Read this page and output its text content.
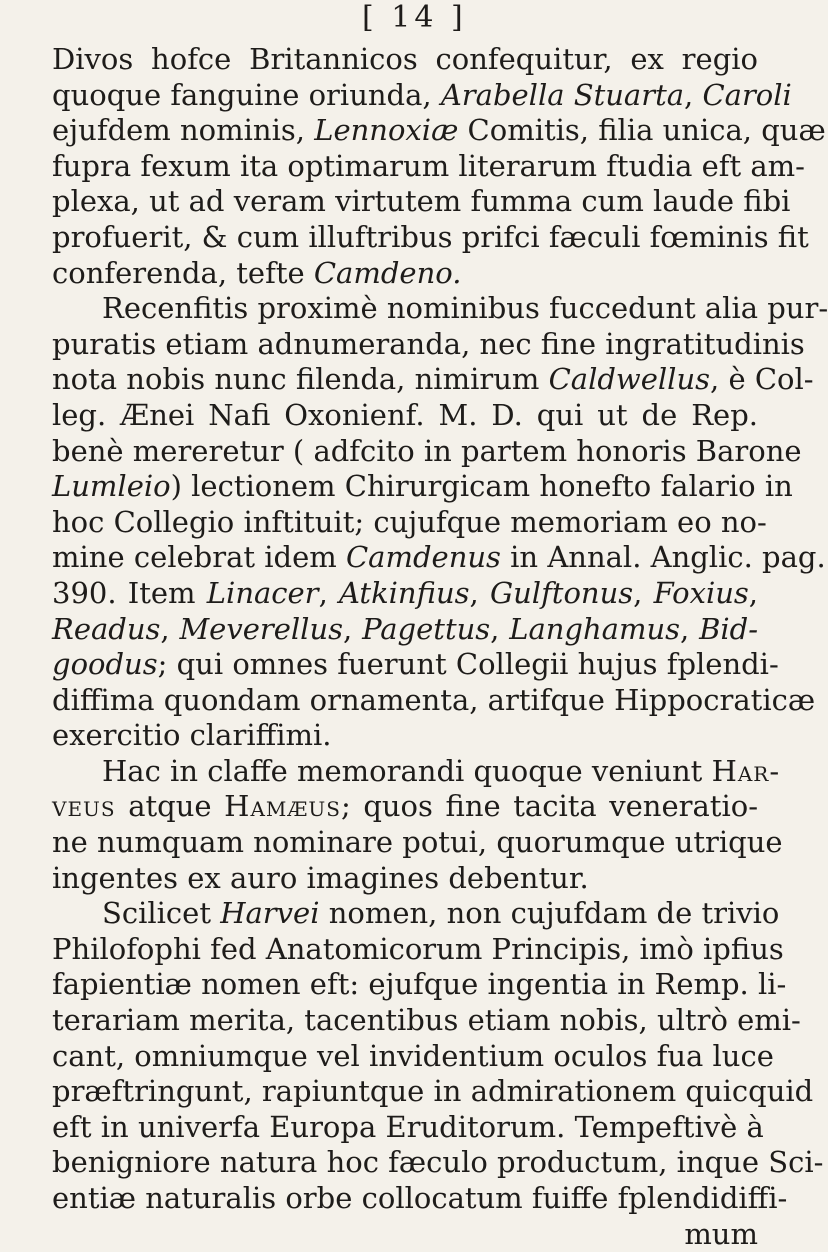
[ 14 ]
Divos hofce Britannicos confequitur, ex regio
quoque fanguine oriunda, Arabella Stuarta, Caroli
ejufdem nominis, Lennoxiæ Comitis, filia unica, quæ
fupra fexum ita optimarum literarum ftudia eft am-
plexa, ut ad veram virtutem fumma cum laude fibi
profuerit, & cum illuftribus prifci fæculi fœminis fit
conferenda, tefte Camdeno.
Recenfitis proximè nominibus fuccedunt alia pur-
puratis etiam adnumeranda, nec fine ingratitudinis
nota nobis nunc filenda, nimirum Caldwellus, è Col-
leg. Ænei Nafi Oxonienf. M. D. qui ut de Rep.
benè mereretur ( adfcito in partem honoris Barone
Lumleio) lectionem Chirurgicam honefto falario in
hoc Collegio inftituit; cujufque memoriam eo no-
mine celebrat idem Camdenus in Annal. Anglic. pag.
390. Item Linacer, Atkinfius, Gulftonus, Foxius,
Readus, Meverellus, Pagettus, Langhamus, Bid-
goodus; qui omnes fuerunt Collegii hujus fplendi-
diffima quondam ornamenta, artifque Hippocraticæ
exercitio clariffimi.
Hac in claffe memorandi quoque veniunt Har-
veus atque Hamæus; quos fine tacita veneratio-
ne numquam nominare potui, quorumque utrique
ingentes ex auro imagines debentur.
Scilicet Harvei nomen, non cujufdam de trivio
Philofophi fed Anatomicorum Principis, imò ipfius
fapientiæ nomen eft: ejufque ingentia in Remp. li-
terariam merita, tacentibus etiam nobis, ultrò emi-
cant, omniumque vel invidentium oculos fua luce
præftringunt, rapiuntque in admirationem quicquid
eft in univerfa Europa Eruditorum. Tempeftivè à
benigniore natura hoc fæculo productum, inque Sci-
entiæ naturalis orbe collocatum fuiffe fplendidiffi-
mum
